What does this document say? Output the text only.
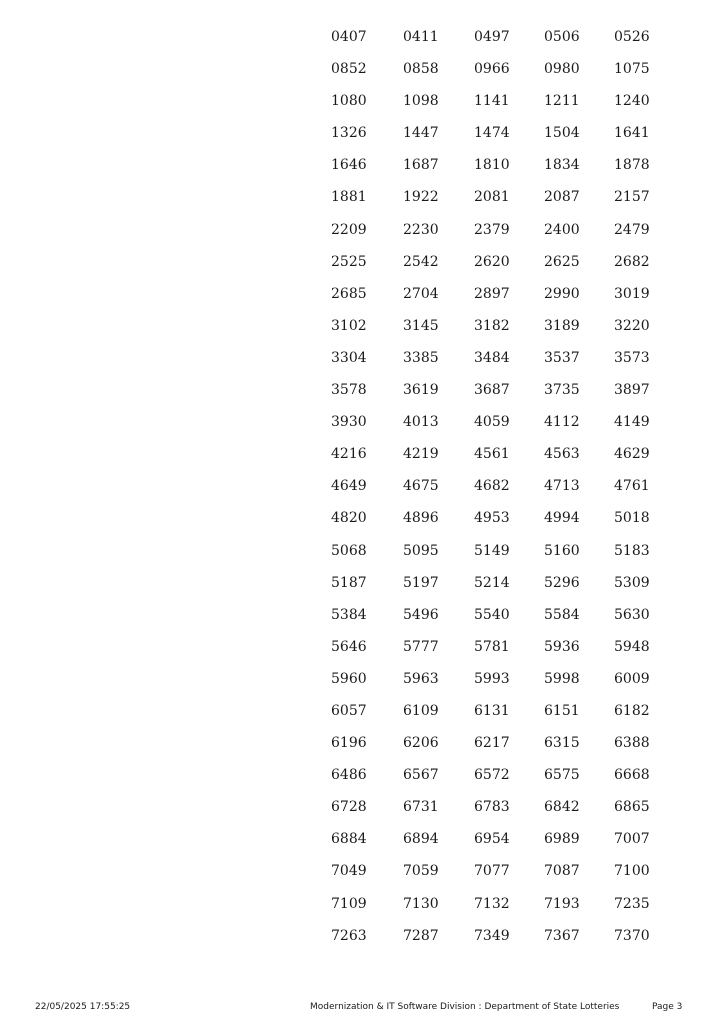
0407	0411	0497	0506	0526
0852	0858	0966	0980	1075
1080	1098	1141	1211	1240
1326	1447	1474	1504	1641
1646	1687	1810	1834	1878
1881	1922	2081	2087	2157
2209	2230	2379	2400	2479
2525	2542	2620	2625	2682
2685	2704	2897	2990	3019
3102	3145	3182	3189	3220
3304	3385	3484	3537	3573
3578	3619	3687	3735	3897
3930	4013	4059	4112	4149
4216	4219	4561	4563	4629
4649	4675	4682	4713	4761
4820	4896	4953	4994	5018
5068	5095	5149	5160	5183
5187	5197	5214	5296	5309
5384	5496	5540	5584	5630
5646	5777	5781	5936	5948
5960	5963	5993	5998	6009
6057	6109	6131	6151	6182
6196	6206	6217	6315	6388
6486	6567	6572	6575	6668
6728	6731	6783	6842	6865
6884	6894	6954	6989	7007
7049	7059	7077	7087	7100
7109	7130	7132	7193	7235
7263	7287	7349	7367	7370
22/05/2025 17:55:25	Modernization & IT Software Division : Department of State Lotteries	Page 3
